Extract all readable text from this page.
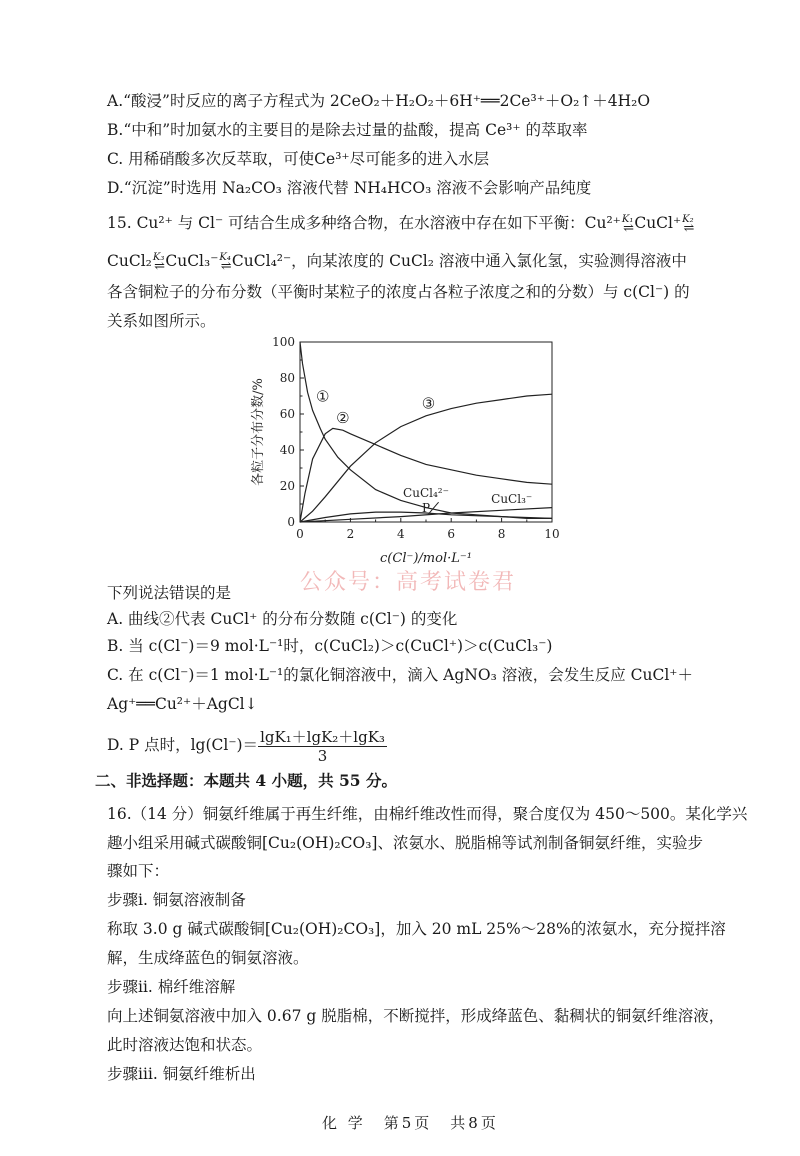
A.“酸浸”时反应的离子方程式为 2CeO₂＋H₂O₂＋6H⁺══2Ce³⁺＋O₂↑＋4H₂O
B.“中和”时加氨水的主要目的是除去过量的盐酸，提高 Ce³⁺ 的萃取率
C. 用稀硝酸多次反萃取，可使Ce³⁺尽可能多的进入水层
D.“沉淀”时选用 Na₂CO₃ 溶液代替 NH₄HCO₃ 溶液不会影响产品纯度
15. Cu²⁺ 与 Cl⁻ 可结合生成多种络合物，在水溶液中存在如下平衡：Cu²⁺ K₁
⇌ CuCl⁺ K₂
⇌
CuCl₂ K₃
⇌ CuCl₃⁻ K₄
⇌ CuCl₄²⁻，向某浓度的 CuCl₂ 溶液中通入氯化氢，实验测得溶液中
各含铜粒子的分布分数（平衡时某粒子的浓度占各粒子浓度之和的分数）与 c(Cl⁻) 的
关系如图所示。
0	2	4	6	8	10
0
20
40
60
80
100
c(Cl⁻)/mol·L⁻¹
各粒子分布分数/%	①
②
③
CuCl₄²⁻	CuCl₃⁻
P
下列说法错误的是
A. 曲线②代表 CuCl⁺ 的分布分数随 c(Cl⁻) 的变化
B. 当 c(Cl⁻)＝9 mol·L⁻¹时，c(CuCl₂)＞c(CuCl⁺)＞c(CuCl₃⁻)
C. 在 c(Cl⁻)＝1 mol·L⁻¹的氯化铜溶液中，滴入 AgNO₃ 溶液，会发生反应 CuCl⁺＋
Ag⁺══Cu²⁺＋AgCl↓
D. P 点时，$\lg(Cl^-)= \frac{\text{lgK₁＋lgK₂＋lgK₃}}{3}$
二、非选择题：本题共 4 小题，共 55 分。
16.（14 分）铜氨纤维属于再生纤维，由棉纤维改性而得，聚合度仅为 450～500。某化学兴
趣小组采用碱式碳酸铜[Cu₂(OH)₂CO₃]、浓氨水、脱脂棉等试剂制备铜氨纤维，实验步
骤如下：
步骤ⅰ. 铜氨溶液制备
称取 3.0 g 碱式碳酸铜[Cu₂(OH)₂CO₃]，加入 20 mL 25%～28%的浓氨水，充分搅拌溶
解，生成绛蓝色的铜氨溶液。
步骤ⅱ. 棉纤维溶解
向上述铜氨溶液中加入 0.67 g 脱脂棉，不断搅拌，形成绛蓝色、黏稠状的铜氨纤维溶液，
此时溶液达饱和状态。
步骤ⅲ. 铜氨纤维析出
公众号：高考试卷君
化 学　第5页　共8页
